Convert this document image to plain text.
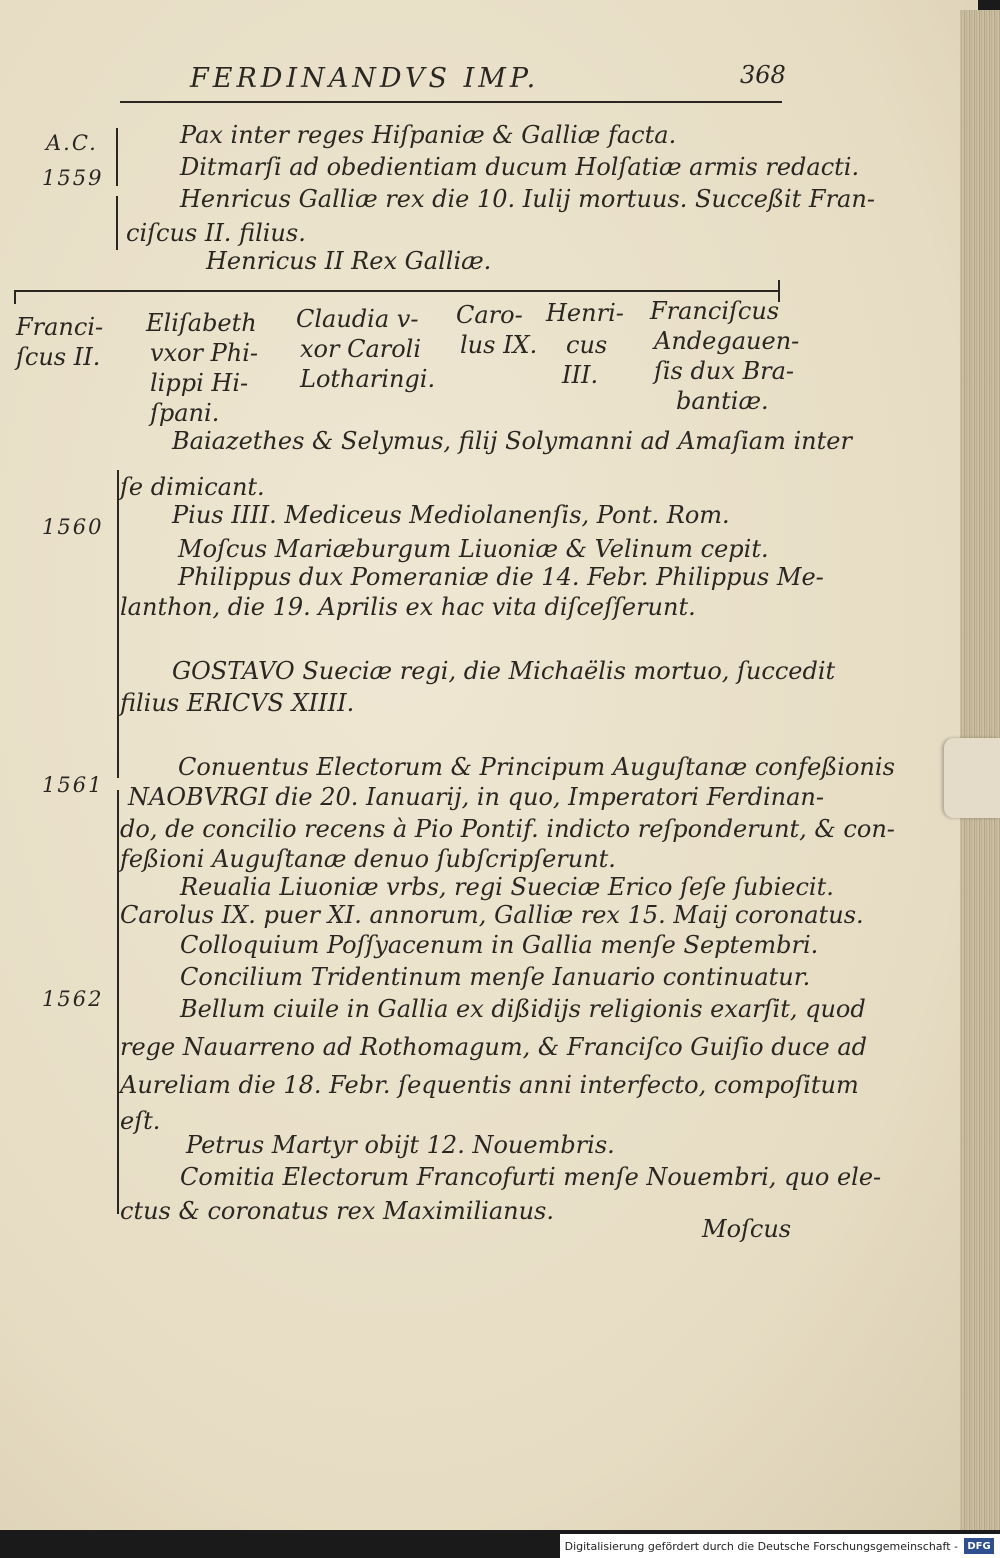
FERDINANDVS IMP.	368
A.C.
1559
Pax inter reges Hiſpaniæ & Galliæ facta.
Ditmarſi ad obedientiam ducum Holſatiæ armis redacti.
Henricus Galliæ rex die 10. Iulij mortuus. Succeßit Fran-
ciſcus II. filius.
Henricus II Rex Galliæ.
Franci-
ſcus II.
Eliſabeth
vxor Phi-
lippi Hi-
ſpani.
Claudia v-
xor Caroli
Lotharingi.
Caro-
lus IX.
Henri-
cus
III.
Franciſcus
Andegauen-
ſis dux Bra-
bantiæ.
1560
1561
1562
Baiazethes & Selymus, filij Solymanni ad Amaſiam inter
ſe dimicant.
Pius IIII. Mediceus Mediolanenſis, Pont. Rom.
Moſcus Mariæburgum Liuoniæ & Velinum cepit.
Philippus dux Pomeraniæ die 14. Febr. Philippus Me-
lanthon, die 19. Aprilis ex hac vita diſceſſerunt.
GOSTAVO Sueciæ regi, die Michaëlis mortuo, ſuccedit
filius ERICVS XIIII.
Conuentus Electorum & Principum Auguſtanæ confeßionis
NAOBVRGI die 20. Ianuarij, in quo, Imperatori Ferdinan-
do, de concilio recens à Pio Pontif. indicto reſponderunt, & con-
feßioni Auguſtanæ denuo ſubſcripſerunt.
Reualia Liuoniæ vrbs, regi Sueciæ Erico ſeſe ſubiecit.
Carolus IX. puer XI. annorum, Galliæ rex 15. Maij coronatus.
Colloquium Poſſyacenum in Gallia menſe Septembri.
Concilium Tridentinum menſe Ianuario continuatur.
Bellum ciuile in Gallia ex dißidijs religionis exarſit, quod
rege Nauarreno ad Rothomagum, & Franciſco Guiſio duce ad
Aureliam die 18. Febr. ſequentis anni interfecto, compoſitum
eſt.
Petrus Martyr obijt 12. Nouembris.
Comitia Electorum Francofurti menſe Nouembri, quo ele-
ctus & coronatus rex Maximilianus.
Moſcus
Digitalisierung gefördert durch die Deutsche Forschungsgemeinschaft - DFG
